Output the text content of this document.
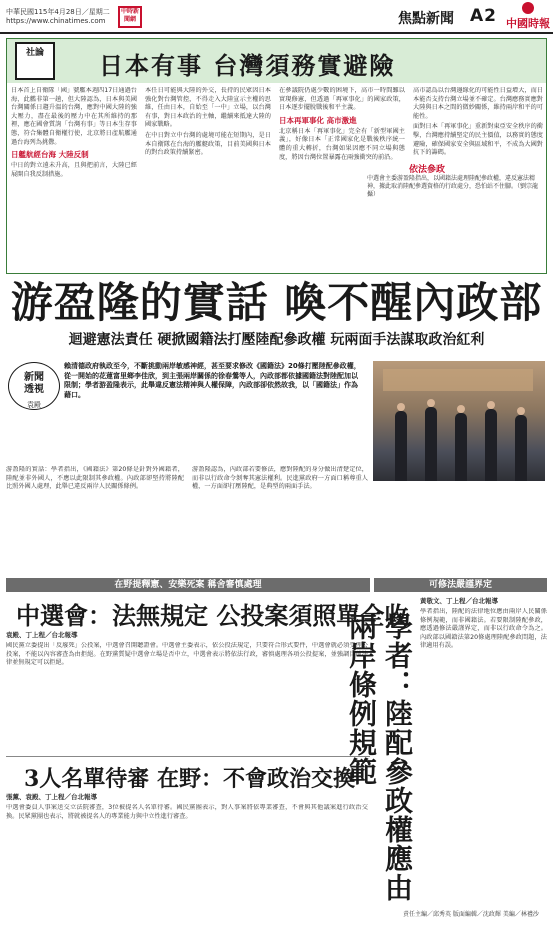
中華民國115年4月28日／星期二
https://www.chinatimes.com
中時新聞網	焦點新聞 A2 中國時報
社論	日本有事 台灣須務實避險

日本首上自衛隊「國」號艦本週四17日通過台海，此艦非第一趟，但大陸認為，日本與美國台灣關係日趨升溫的台灣，應對中國大陸的強大壓力，盡在最後的壓力中在其所維持的那裡，應在國會質詢「台灣有事」等日本生存事態，符合集體自衛權行使，北京將日產航艦通過台海列為挑釁。

日艦航經台海 大陸反制

中日的對立遠未升高，且與把前言，大陸已經展開自我反制措施。

本任日可能與大陸的外交，長持的民眾因日本強化對台灣管控，不得走入大陸宣示主權的思維，任由日本，自始至「一中」立場，以台灣有事，對日本政治的主軸，繼續來抵達大陸的國家戰略。

在中日對立中台灣的處境可能在短期內，是日本自衛隊在台海的艦艇政策，目前美國與日本的對台政策持續緊密。

在參議院仍處少數的困境下，高市一時間難以實現修憲，但透過「再軍事化」的國家政策，日本逐步擺脫戰後和平主義。

日本再軍事化 高市激進

北京稱日本「再軍事化」完全有「新型軍國主義」，好像日本「正常國家化是戰後秩序統一體的重大轉折，台灣如果因應不同立場與態度，將因台灣位置暴露在兩強衝突的前沿。

高市認爲以台灣邊緣化的可能性日益增大，而日本能否支持台灣立場並不確定。台灣應務實應對大陸與日本之間的微妙關係，維持兩岸和平的可能性。

面對日本「再軍事化」重新對東亞安全秩序的衝擊，台灣應持續堅定的民主價值，以務實的態度避險，確保國家安全與區域和平，不成為大國對抗下的籌碼。

游盈隆的實話 喚不醒內政部
迴避憲法責任 硬掀國籍法打壓陸配參政權 玩兩面手法謀取政治紅利
新聞
透視
袁殿
賴清德政府執政至今，不斷挑動兩岸敏感神經，甚至要求修改《國籍法》20條打壓陸配參政權，從一開始的花蓮富里鄉李佳欣，到主張兩岸關係的徐春鶯等人，內政部都依據國籍法對陸配加以限制；學者游盈隆表示，此舉違反憲法精神與人權保障，內政部卻依然故我，以「國籍法」作為藉口。

游盈隆的實話：學者指出，《國籍法》第20條是針對外國籍者，陸配並非外國人，不應以此限制其參政權。內政部卻堅持將陸配比照外國人處理，此舉已違反兩岸人民關係條例。

游盈隆認為，內政部若要修法，應對陸配的身分做出清楚定位，而非以行政命令剝奪其憲法權利。民進黨政府一方面口稱尊重人權，一方面卻打壓陸配，是典型的兩面手法。

依法參政
中選會主委游盈隆指出，以國籍法處理陸配參政權，違反憲法精神，據此取消陸配參選資格的行政處分，恐怕站不住腳。（劉宗龍攝）
在野提釋憲、安樂死案 稱舍審慎處理
中選會：法無規定 公投案須照單全收
袁殿、丁上程／台北報導

國民黨立委提出「反廢死」公投案，中選會召開聽證會。中選會主委表示，依公投法規定，只要符合形式要件，中選會就必須受理公投案，不能以內容審查為由拒絕。在野黨質疑中選會立場是否中立，中選會表示將依法行政，審慎處理各項公投提案，並強調目前法律並無規定可以拒絕。

3人名單待審 在野：不會政治交換
張薰、袁殿、丁上程／台北報導

中選會委員人事案送交立法院審查，3位被提名人名單待審。國民黨團表示，對人事案將依專業審查，不會與其他議案進行政治交換。民眾黨團也表示，將就被提名人的專業能力與中立性進行審查。

可修法嚴謹界定
學者：陸配參政權應由兩岸條例規範
黃敬文、丁上程／台北報導

學者指出，陸配的法律地位應由兩岸人民關係條例規範，而非國籍法。若要限制陸配參政，應透過修法嚴謹界定，而非以行政命令為之。內政部以國籍法第20條處理陸配參政問題，法律適用有誤。

責任主編／邱秀英 版面編輯／沈政輝 美編／林禮沙
